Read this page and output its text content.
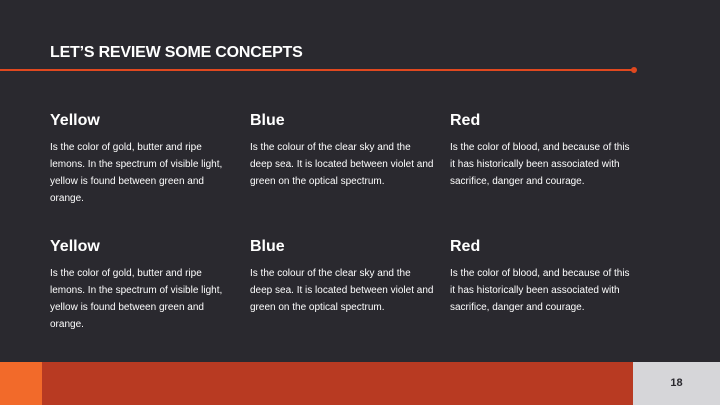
LET’S REVIEW SOME CONCEPTS
Yellow

Is the color of gold, butter and ripe lemons. In the spectrum of visible light, yellow is found between green and orange.

Blue

Is the colour of the clear sky and the deep sea. It is located between violet and green on the optical spectrum.

Red

Is the color of blood, and because of this it has historically been associated with sacrifice, danger and courage.

Yellow

Is the color of gold, butter and ripe lemons. In the spectrum of visible light, yellow is found between green and orange.

Blue

Is the colour of the clear sky and the deep sea. It is located between violet and green on the optical spectrum.

Red

Is the color of blood, and because of this it has historically been associated with sacrifice, danger and courage.

18
